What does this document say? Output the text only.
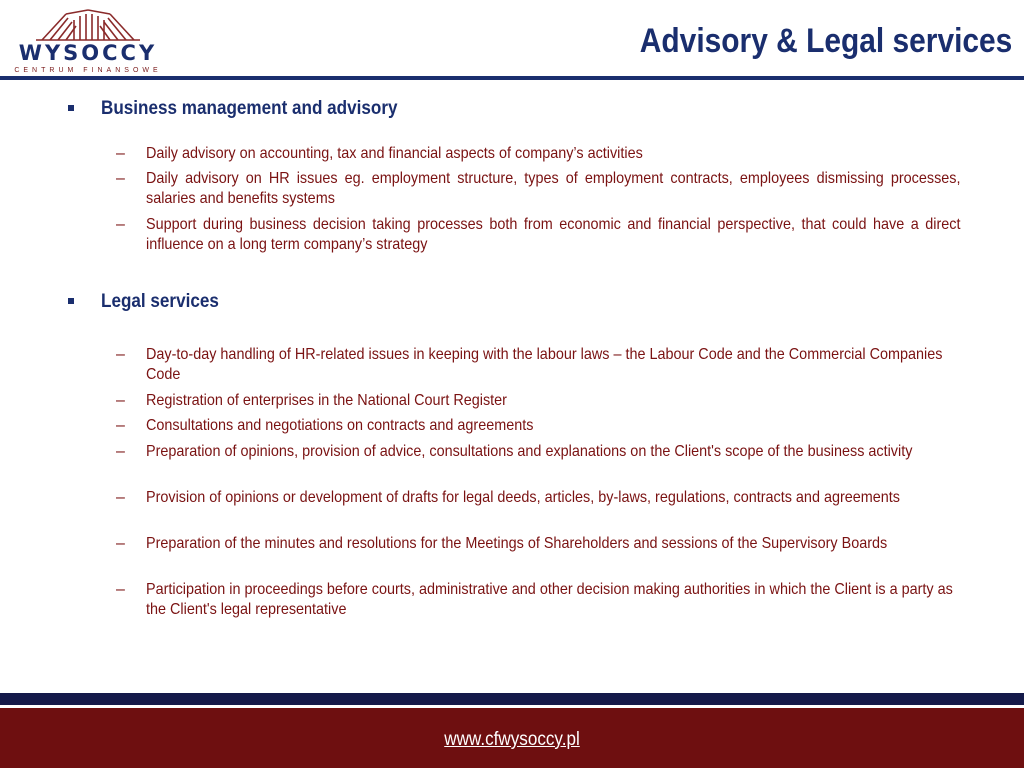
WYSOCCY
CENTRUM FINANSOWE
Advisory & Legal services
Business management and advisory
– Daily advisory on accounting, tax and financial aspects of company’s activities
– Daily advisory on HR issues eg. employment structure, types of employment contracts, employees dismissing processes, salaries and benefits systems
– Support during business decision taking processes both from economic and financial perspective, that could have a direct influence on a long term company’s strategy
Legal services
– Day-to-day handling of HR-related issues in keeping with the labour laws – the Labour Code and the Commercial Companies Code
– Registration of enterprises in the National Court Register
– Consultations and negotiations on contracts and agreements
– Preparation of opinions, provision of advice, consultations and explanations on the Client's scope of the business activity
– Provision of opinions or development of drafts for legal deeds, articles, by-laws, regulations, contracts and agreements
– Preparation of the minutes and resolutions for the Meetings of Shareholders and sessions of the Supervisory Boards
– Participation in proceedings before courts, administrative and other decision making authorities in which the Client is a party as the Client's legal representative
www.cfwysoccy.pl
